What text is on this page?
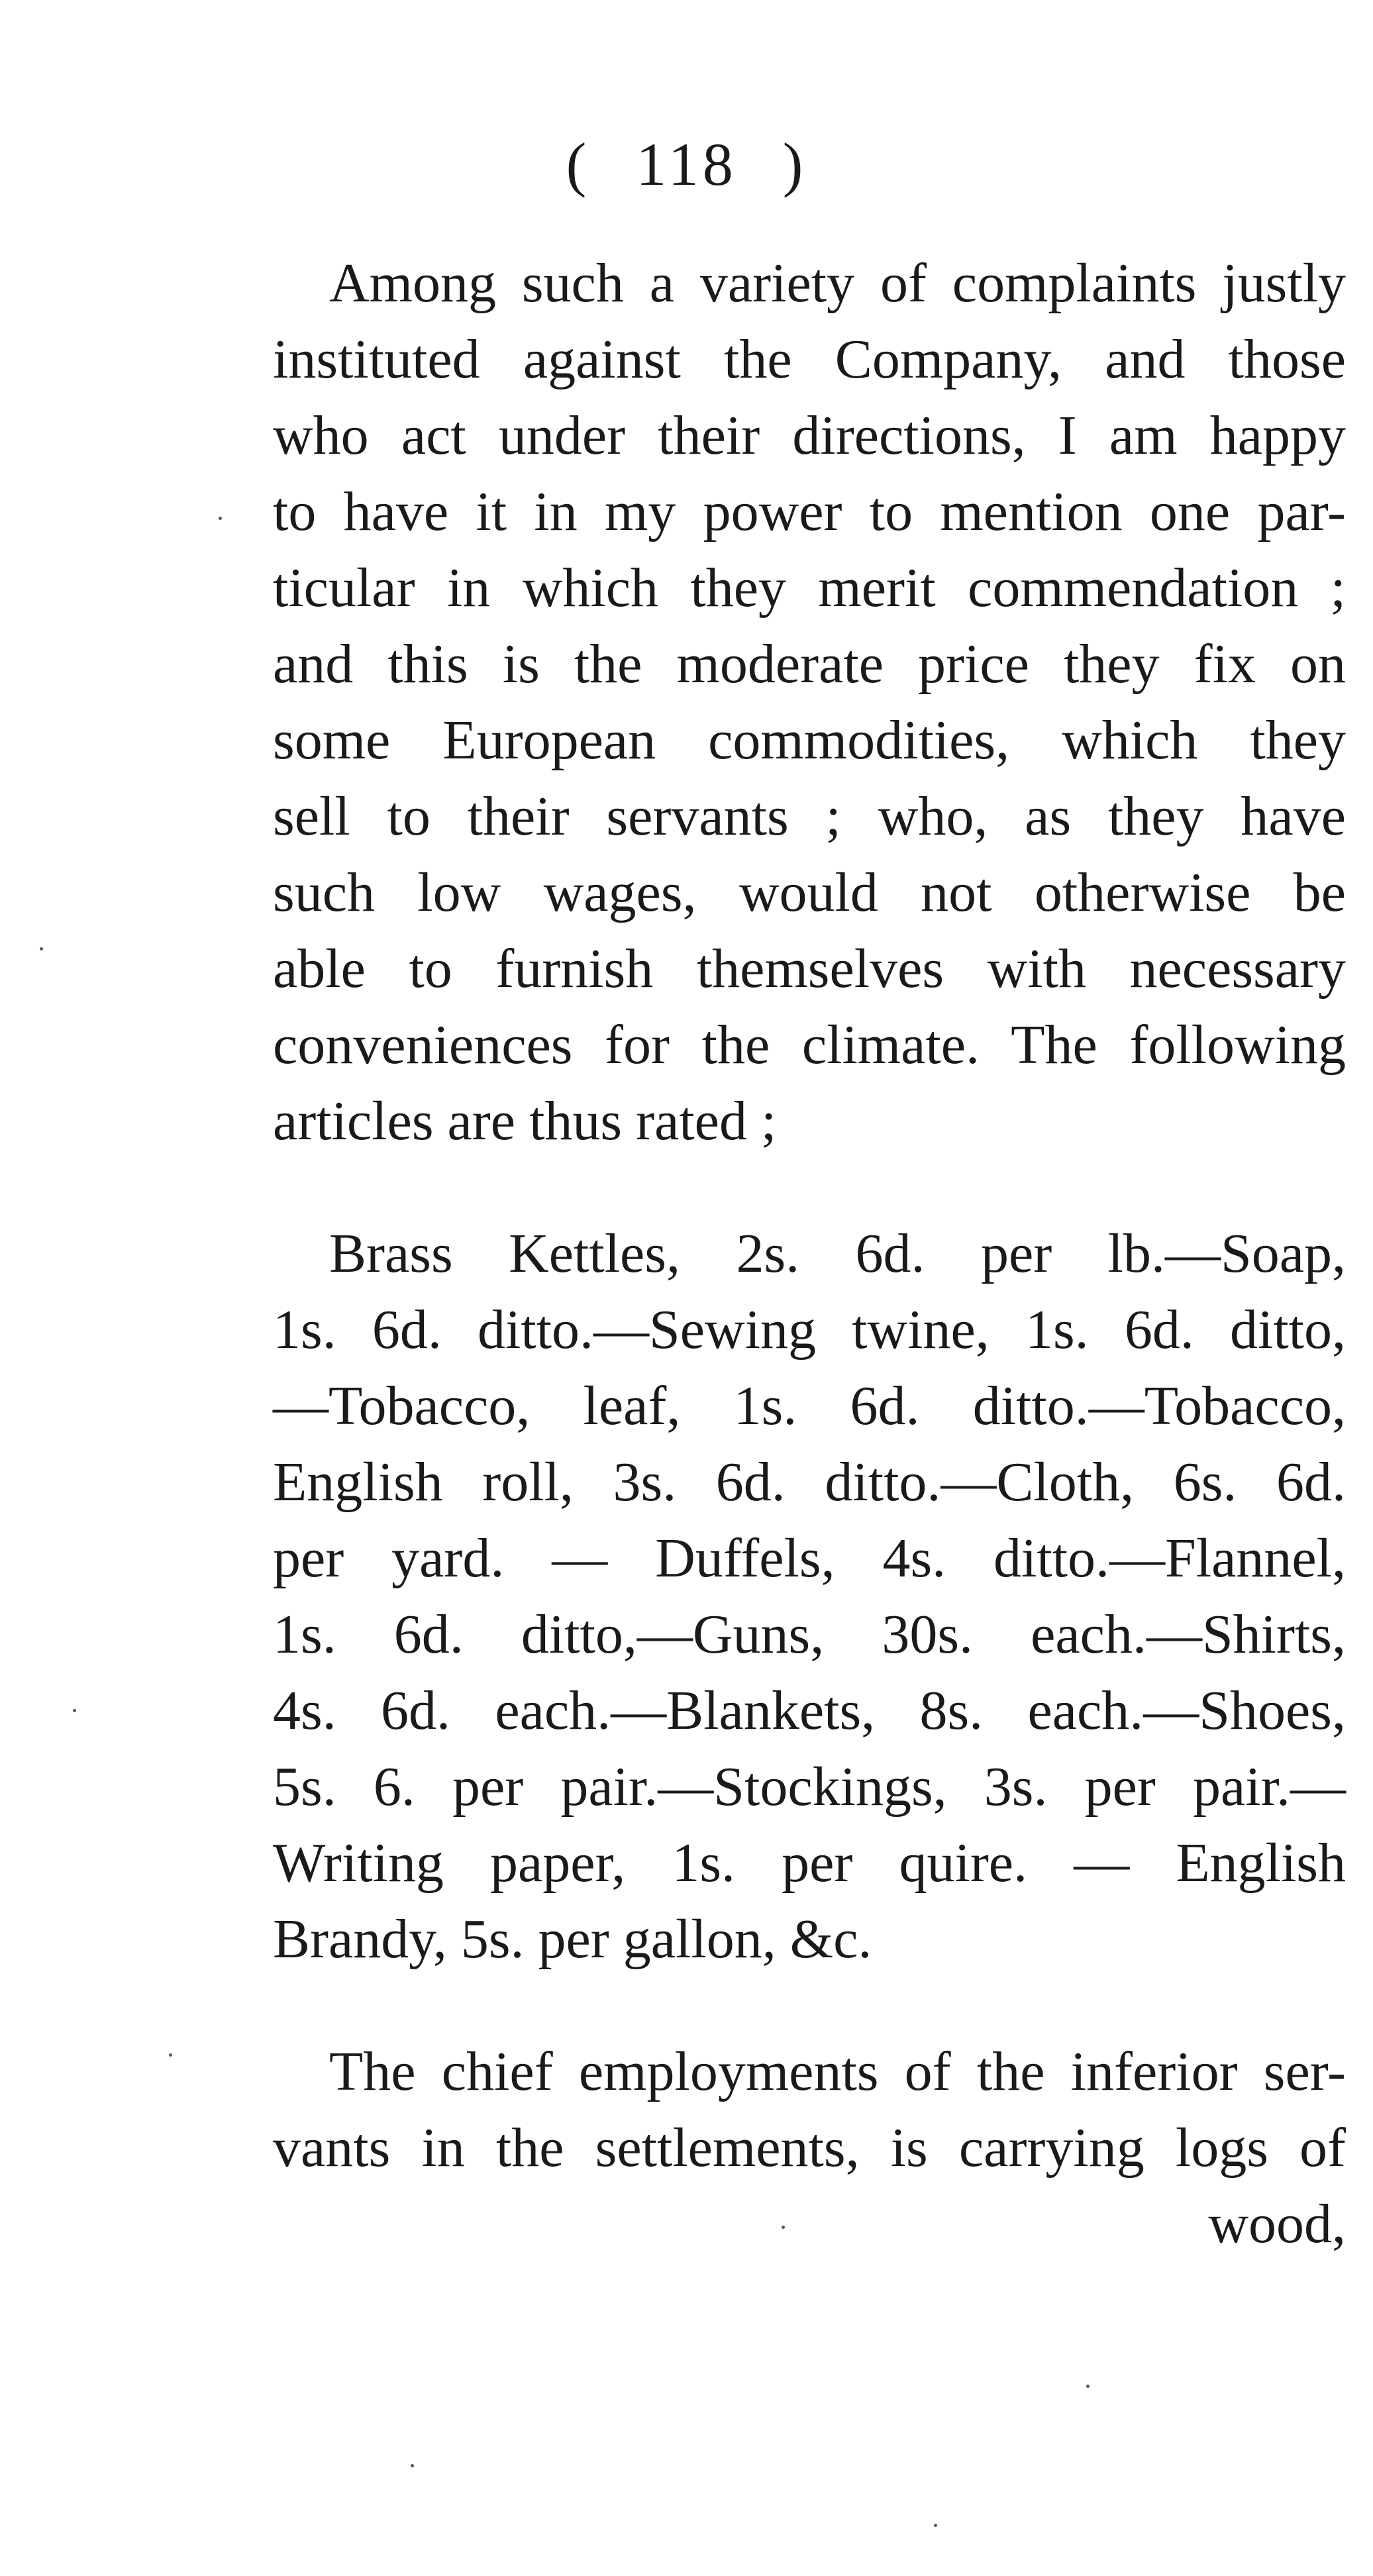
( 118 )
Among such a variety of complaints justly
instituted against the Company, and those
who act under their directions, I am happy
to have it in my power to mention one par-
ticular in which they merit commendation ;
and this is the moderate price they fix on
some European commodities, which they
sell to their servants ; who, as they have
such low wages, would not otherwise be
able to furnish themselves with necessary
conveniences for the climate. The following
articles are thus rated ;
Brass Kettles, 2s. 6d. per lb.—Soap,
1s. 6d. ditto.—Sewing twine, 1s. 6d. ditto,
—Tobacco, leaf, 1s. 6d. ditto.—Tobacco,
English roll, 3s. 6d. ditto.—Cloth, 6s. 6d.
per yard. — Duffels, 4s. ditto.—Flannel,
1s. 6d. ditto,—Guns, 30s. each.—Shirts,
4s. 6d. each.—Blankets, 8s. each.—Shoes,
5s. 6. per pair.—Stockings, 3s. per pair.—
Writing paper, 1s. per quire. — English
Brandy, 5s. per gallon, &c.
The chief employments of the inferior ser-
vants in the settlements, is carrying logs of
wood,
